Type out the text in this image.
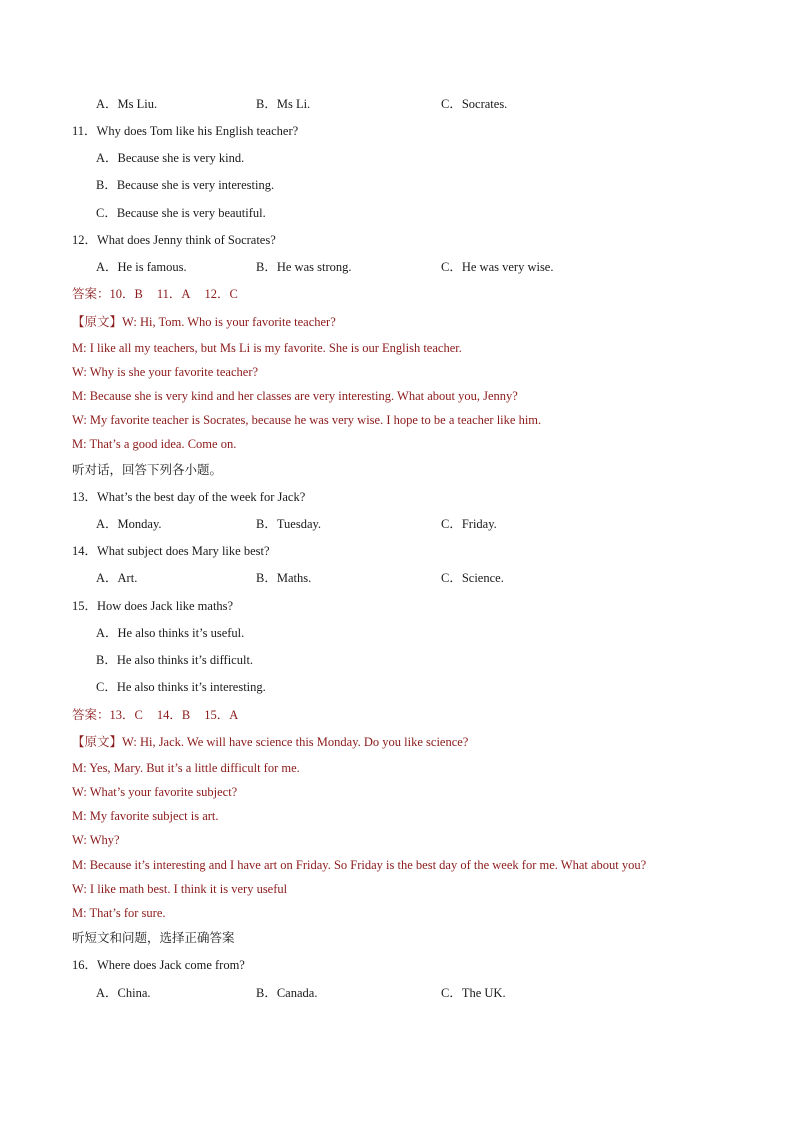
A．Ms Liu.	B．Ms Li.	C．Socrates.
11．Why does Tom like his English teacher?
A．Because she is very kind.
B．Because she is very interesting.
C．Because she is very beautiful.
12．What does Jenny think of Socrates?
A．He is famous.	B．He was strong.	C．He was very wise.
答案：10．B 11．A 12．C
【原文】W: Hi, Tom. Who is your favorite teacher?
M: I like all my teachers, but Ms Li is my favorite. She is our English teacher.
W: Why is she your favorite teacher?
M: Because she is very kind and her classes are very interesting. What about you, Jenny?
W: My favorite teacher is Socrates, because he was very wise. I hope to be a teacher like him.
M: That’s a good idea. Come on.
听对话，回答下列各小题。
13．What’s the best day of the week for Jack?
A．Monday.	B．Tuesday.	C．Friday.
14．What subject does Mary like best?
A．Art.	B．Maths.	C．Science.
15．How does Jack like maths?
A．He also thinks it’s useful.
B．He also thinks it’s difficult.
C．He also thinks it’s interesting.
答案：13．C 14．B 15．A
【原文】W: Hi, Jack. We will have science this Monday. Do you like science?
M: Yes, Mary. But it’s a little difficult for me.
W: What’s your favorite subject?
M: My favorite subject is art.
W: Why?
M: Because it’s interesting and I have art on Friday. So Friday is the best day of the week for me. What about you?
W: I like math best. I think it is very useful
M: That’s for sure.
听短文和问题，选择正确答案
16．Where does Jack come from?
A．China.	B．Canada.	C．The UK.
